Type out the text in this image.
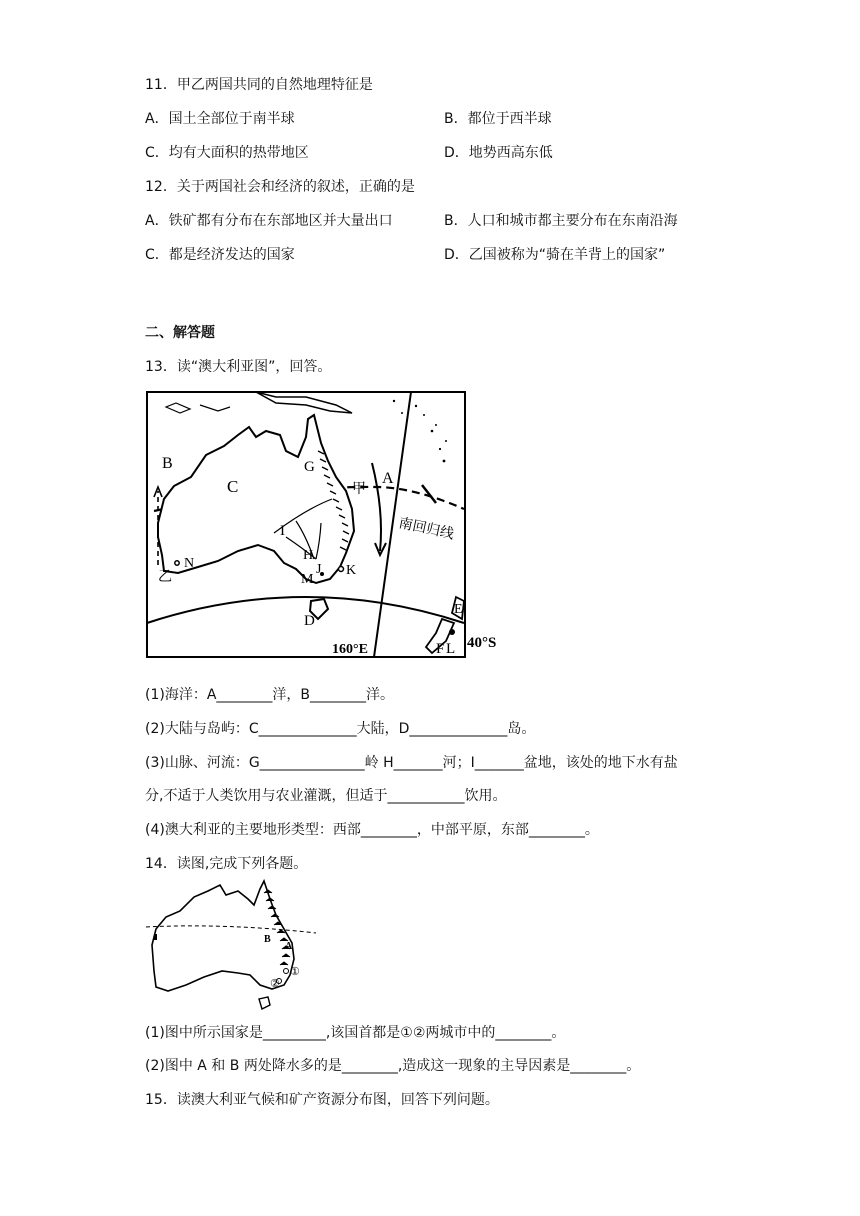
11．甲乙两国共同的自然地理特征是
A．国土全部位于南半球	B．都位于西半球
C．均有大面积的热带地区	D．地势西高东低
12．关于两国社会和经济的叙述，正确的是
A．铁矿都有分布在东部地区并大量出口	B．人口和城市都主要分布在东南沿海
C．都是经济发达的国家	D．乙国被称为“骑在羊背上的国家”
二、解答题
13．读“澳大利亚图”，回答。
B
C	A
G
甲
南回归线
I
H
J K
M
N
乙
D
E
F L
160°E	40°S
(1)海洋：A________洋，B________洋。
(2)大陆与岛屿：C______________大陆，D______________岛。
(3)山脉、河流：G_______________岭 H_______河；I_______盆地，该处的地下水有盐
分,不适于人类饮用与农业灌溉，但适于___________饮用。
(4)澳大利亚的主要地形类型：西部________，中部平原，东部________。
14．读图,完成下列各题。
B
A
①
②
(1)图中所示国家是_________,该国首都是①②两城市中的________。
(2)图中 A 和 B 两处降水多的是________,造成这一现象的主导因素是________。
15．读澳大利亚气候和矿产资源分布图，回答下列问题。
